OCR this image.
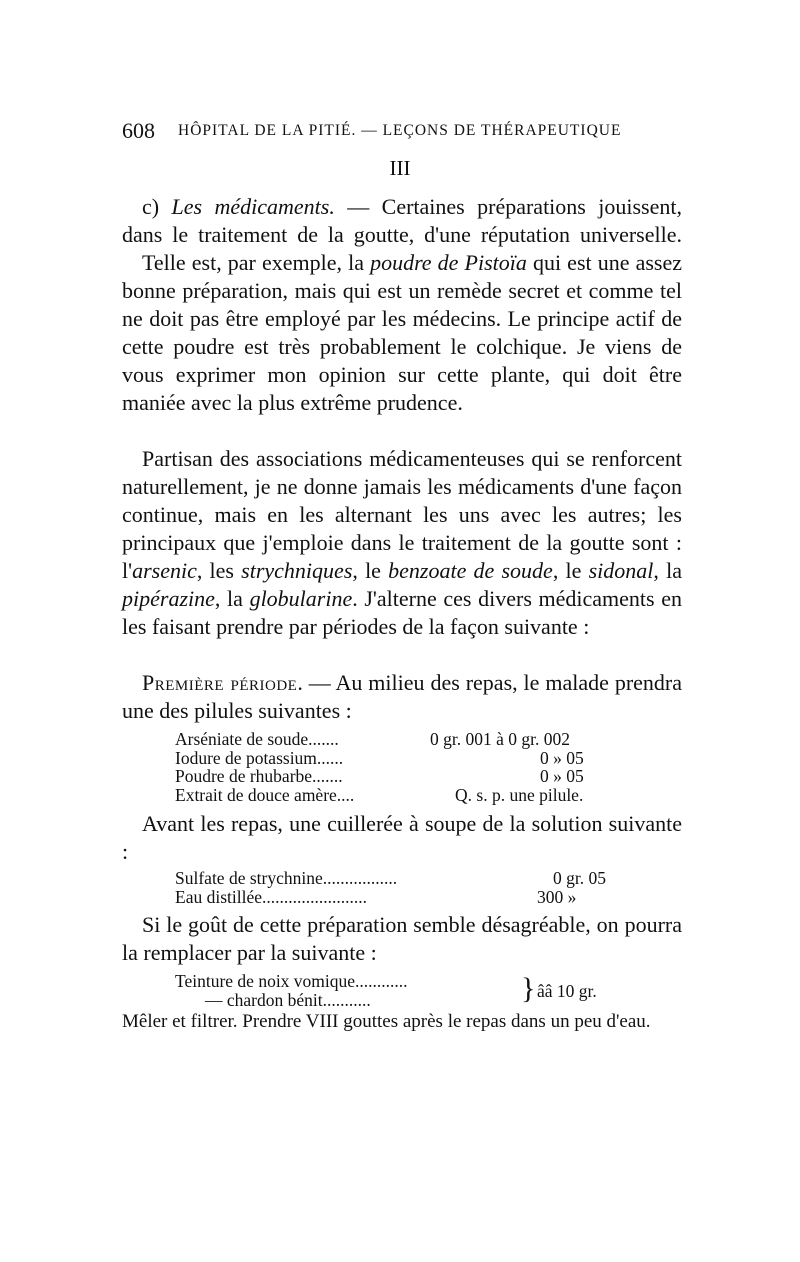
608 HÔPITAL DE LA PITIÉ. — LEÇONS DE THÉRAPEUTIQUE
III

c) Les médicaments. — Certaines préparations jouissent, dans le traitement de la goutte, d'une réputation universelle.

Telle est, par exemple, la poudre de Pistoïa qui est une assez bonne préparation, mais qui est un remède secret et comme tel ne doit pas être employé par les médecins. Le principe actif de cette poudre est très probablement le colchique. Je viens de vous exprimer mon opinion sur cette plante, qui doit être maniée avec la plus extrême prudence.

Partisan des associations médicamenteuses qui se renforcent naturellement, je ne donne jamais les médicaments d'une façon continue, mais en les alternant les uns avec les autres; les principaux que j'emploie dans le traitement de la goutte sont : l'arsenic, les strychniques, le benzoate de soude, le sidonal, la pipérazine, la globularine. J'alterne ces divers médicaments en les faisant prendre par périodes de la façon suivante :

Première période. — Au milieu des repas, le malade prendra une des pilules suivantes :

Arséniate de soude.......	0 gr. 001 à 0 gr. 002
Iodure de potassium......	0 » 05
Poudre de rhubarbe.......	0 » 05
Extrait de douce amère....	Q. s. p. une pilule.

Avant les repas, une cuillerée à soupe de la solution suivante :

Sulfate de strychnine.................	0 gr. 05
Eau distillée........................	300 »

Si le goût de cette préparation semble désagréable, on pourra la remplacer par la suivante :

Teinture de noix vomique............
— chardon bénit...........	} ââ 10 gr.

Mêler et filtrer. Prendre VIII gouttes après le repas dans un peu d'eau.
